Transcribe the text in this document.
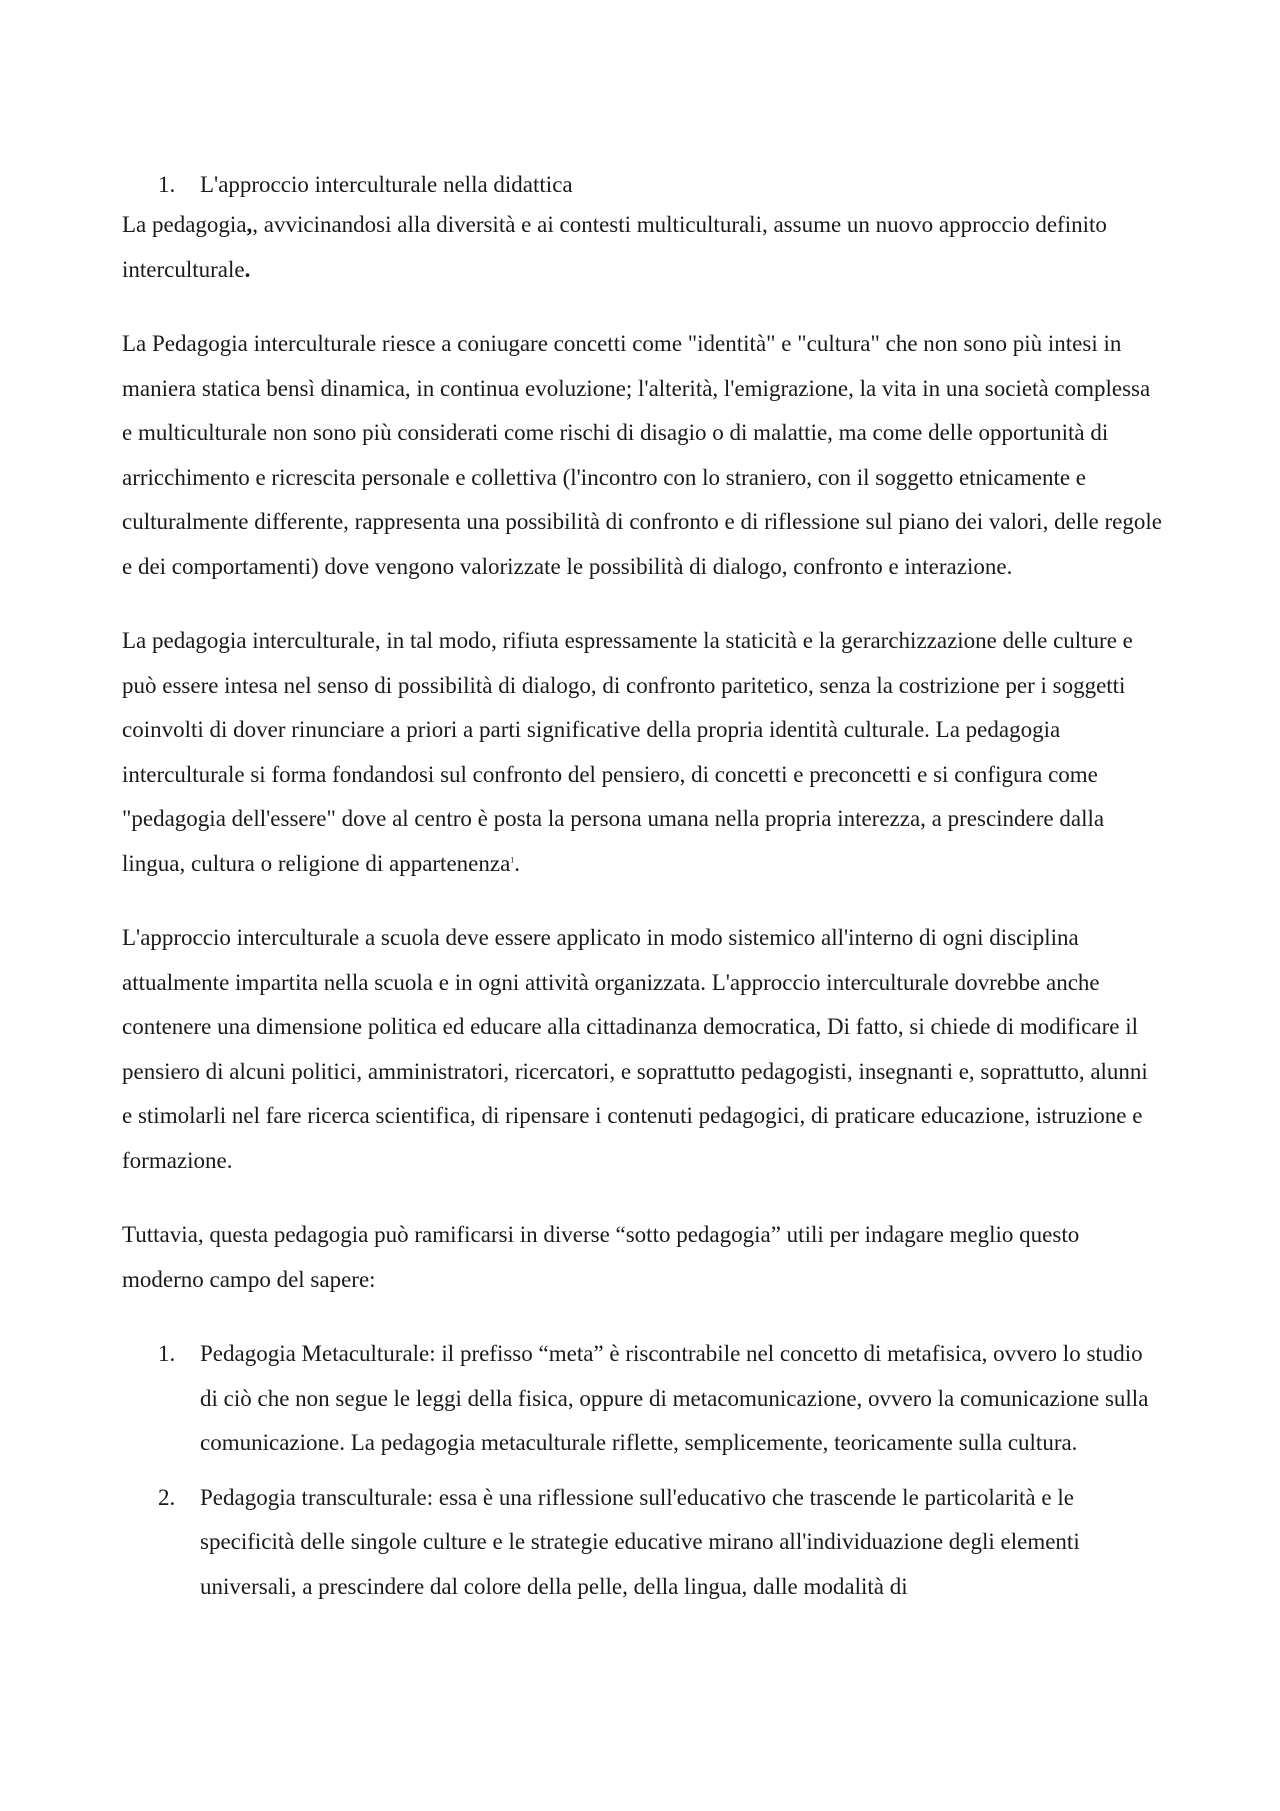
1.	L'approccio interculturale nella didattica

La pedagogia,, avvicinandosi alla diversità e ai contesti multiculturali, assume un nuovo approccio definito interculturale.

La Pedagogia interculturale riesce a coniugare concetti come "identità" e "cultura" che non sono più intesi in maniera statica bensì dinamica, in continua evoluzione; l'alterità, l'emigrazione, la vita in una società complessa e multiculturale non sono più considerati come rischi di disagio o di malattie, ma come delle opportunità di arricchimento e ricrescita personale e collettiva (l'incontro con lo straniero, con il soggetto etnicamente e culturalmente differente, rappresenta una possibilità di confronto e di riflessione sul piano dei valori, delle regole e dei comportamenti) dove vengono valorizzate le possibilità di dialogo, confronto e interazione.

La pedagogia interculturale, in tal modo, rifiuta espressamente la staticità e la gerarchizzazione delle culture e può essere intesa nel senso di possibilità di dialogo, di confronto paritetico, senza la costrizione per i soggetti coinvolti di dover rinunciare a priori a parti significative della propria identità culturale. La pedagogia interculturale si forma fondandosi sul confronto del pensiero, di concetti e preconcetti e si configura come "pedagogia dell'essere" dove al centro è posta la persona umana nella propria interezza, a prescindere dalla lingua, cultura o religione di appartenenza$^1$.

L'approccio interculturale a scuola deve essere applicato in modo sistemico all'interno di ogni disciplina attualmente impartita nella scuola e in ogni attività organizzata. L'approccio interculturale dovrebbe anche contenere una dimensione politica ed educare alla cittadinanza democratica, Di fatto, si chiede di modificare il pensiero di alcuni politici, amministratori, ricercatori, e soprattutto pedagogisti, insegnanti e, soprattutto, alunni e stimolarli nel fare ricerca scientifica, di ripensare i contenuti pedagogici, di praticare educazione, istruzione e formazione.

Tuttavia, questa pedagogia può ramificarsi in diverse “sotto pedagogia” utili per indagare meglio questo moderno campo del sapere:

1.	Pedagogia Metaculturale: il prefisso “meta” è riscontrabile nel concetto di metafisica, ovvero lo studio di ciò che non segue le leggi della fisica, oppure di metacomunicazione, ovvero la comunicazione sulla comunicazione. La pedagogia metaculturale riflette, semplicemente, teoricamente sulla cultura.
2.	Pedagogia transculturale: essa è una riflessione sull'educativo che trascende le particolarità e le specificità delle singole culture e le strategie educative mirano all'individuazione degli elementi universali, a prescindere dal colore della pelle, della lingua, dalle modalità di
